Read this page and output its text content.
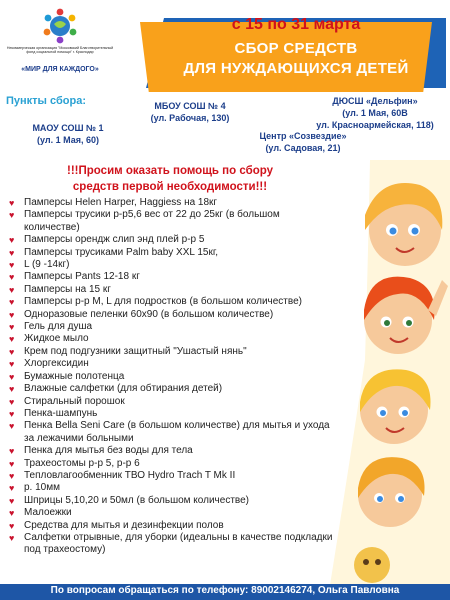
Некоммерческая организация "Московский Благотворительный фонд социальной помощи" г. Краснодар
«МИР ДЛЯ КАЖДОГО»
с 15 по 31 марта
СБОР СРЕДСТВ
ДЛЯ НУЖДАЮЩИХСЯ ДЕТЕЙ
Пункты сбора:
МАОУ СОШ № 1
(ул. 1 Мая, 60)
МБОУ СОШ № 4
(ул. Рабочая, 130)
Центр «Созвездие»
(ул. Садовая, 21)
ДЮСШ «Дельфин»
(ул. 1 Мая, 60В
ул. Красноармейская, 118)
!!!Просим оказать помощь по сбору
средств первой необходимости!!!
♥ Памперсы Helen Harper, Haggiess на 18кг
♥ Памперсы трусики р-р5,6 вес от 22 до 25кг (в большом количестве)
♥ Памперсы орендж слип энд плей р-р 5
♥ Памперсы трусиками Palm baby XXL 15кг,
♥ L (9 -14кг)
♥ Памперсы Pants 12-18 кг
♥ Памперсы на 15 кг
♥ Памперсы р-р M, L для подростков (в большом количестве)
♥ Одноразовые пеленки 60х90 (в большом количестве)
♥ Гель для душа
♥ Жидкое мыло
♥ Крем под подгузники защитный "Ушастый нянь"
♥ Хлоргексидин
♥ Бумажные полотенца
♥ Влажные салфетки (для обтирания детей)
♥ Стиральный порошок
♥ Пенка-шампунь
♥ Пенка Bella Seni Care (в большом количестве) для мытья и ухода за лежачими больными
♥ Пенка для мытья без воды для тела
♥ Трахеостомы р-р 5, р-р 6
♥ Тепловлагообменник ТВО Hydro Trach T Mk II
♥ р. 10мм
♥ Шприцы 5,10,20 и 50мл (в большом количестве)
♥ Малоежки
♥ Средства для мытья и дезинфекции полов
♥ Салфетки отрывные, для уборки (идеальны в качестве подкладки под трахеостому)
По вопросам обращаться по телефону: 89002146274, Ольга Павловна
